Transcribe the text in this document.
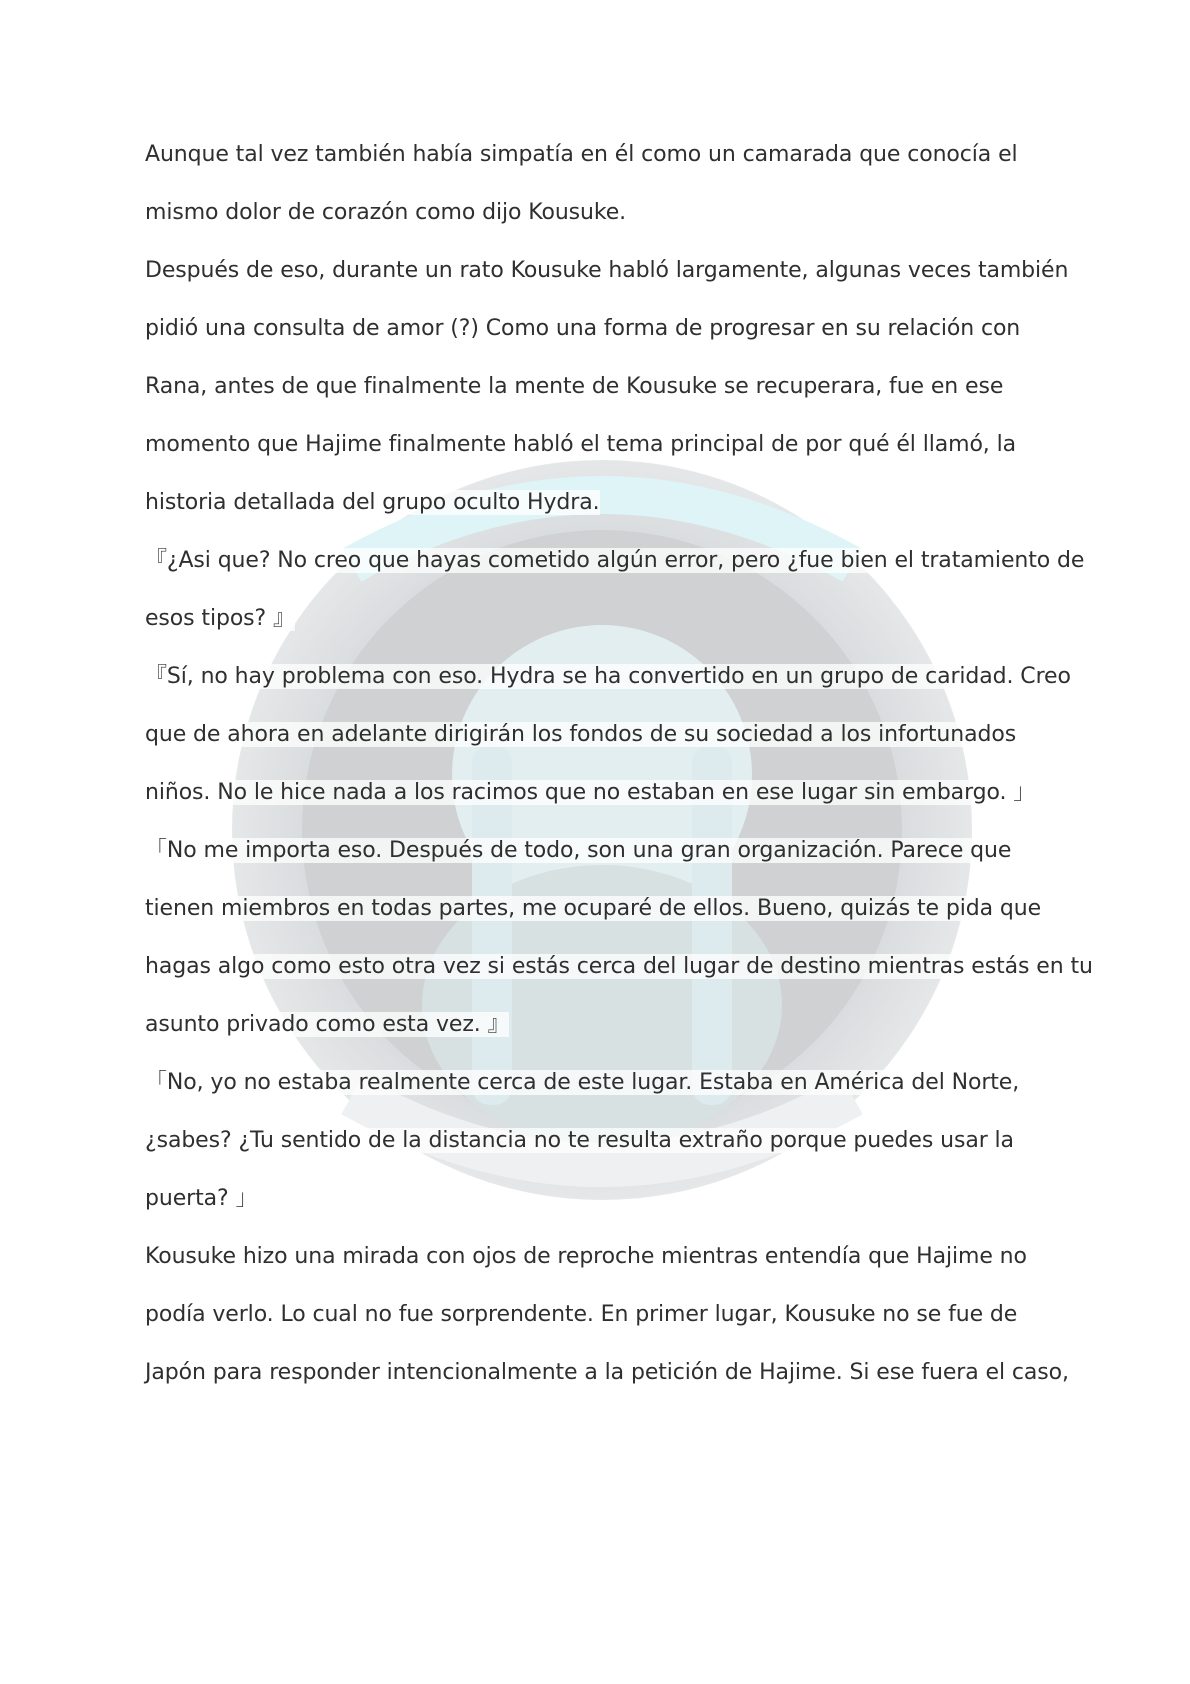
Aunque tal vez también había simpatía en él como un camarada que conocía el
mismo dolor de corazón como dijo Kousuke.
Después de eso, durante un rato Kousuke habló largamente, algunas veces también
pidió una consulta de amor (?) Como una forma de progresar en su relación con
Rana, antes de que finalmente la mente de Kousuke se recuperara, fue en ese
momento que Hajime finalmente habló el tema principal de por qué él llamó, la
historia detallada del grupo oculto Hydra.
『¿Asi que? No creo que hayas cometido algún error, pero ¿fue bien el tratamiento de
esos tipos? 』
『Sí, no hay problema con eso. Hydra se ha convertido en un grupo de caridad. Creo
que de ahora en adelante dirigirán los fondos de su sociedad a los infortunados
niños. No le hice nada a los racimos que no estaban en ese lugar sin embargo. 」
「No me importa eso. Después de todo, son una gran organización. Parece que
tienen miembros en todas partes, me ocuparé de ellos. Bueno, quizás te pida que
hagas algo como esto otra vez si estás cerca del lugar de destino mientras estás en tu
asunto privado como esta vez. 』
「No, yo no estaba realmente cerca de este lugar. Estaba en América del Norte,
¿sabes? ¿Tu sentido de la distancia no te resulta extraño porque puedes usar la
puerta? 」
Kousuke hizo una mirada con ojos de reproche mientras entendía que Hajime no
podía verlo. Lo cual no fue sorprendente. En primer lugar, Kousuke no se fue de
Japón para responder intencionalmente a la petición de Hajime. Si ese fuera el caso,
